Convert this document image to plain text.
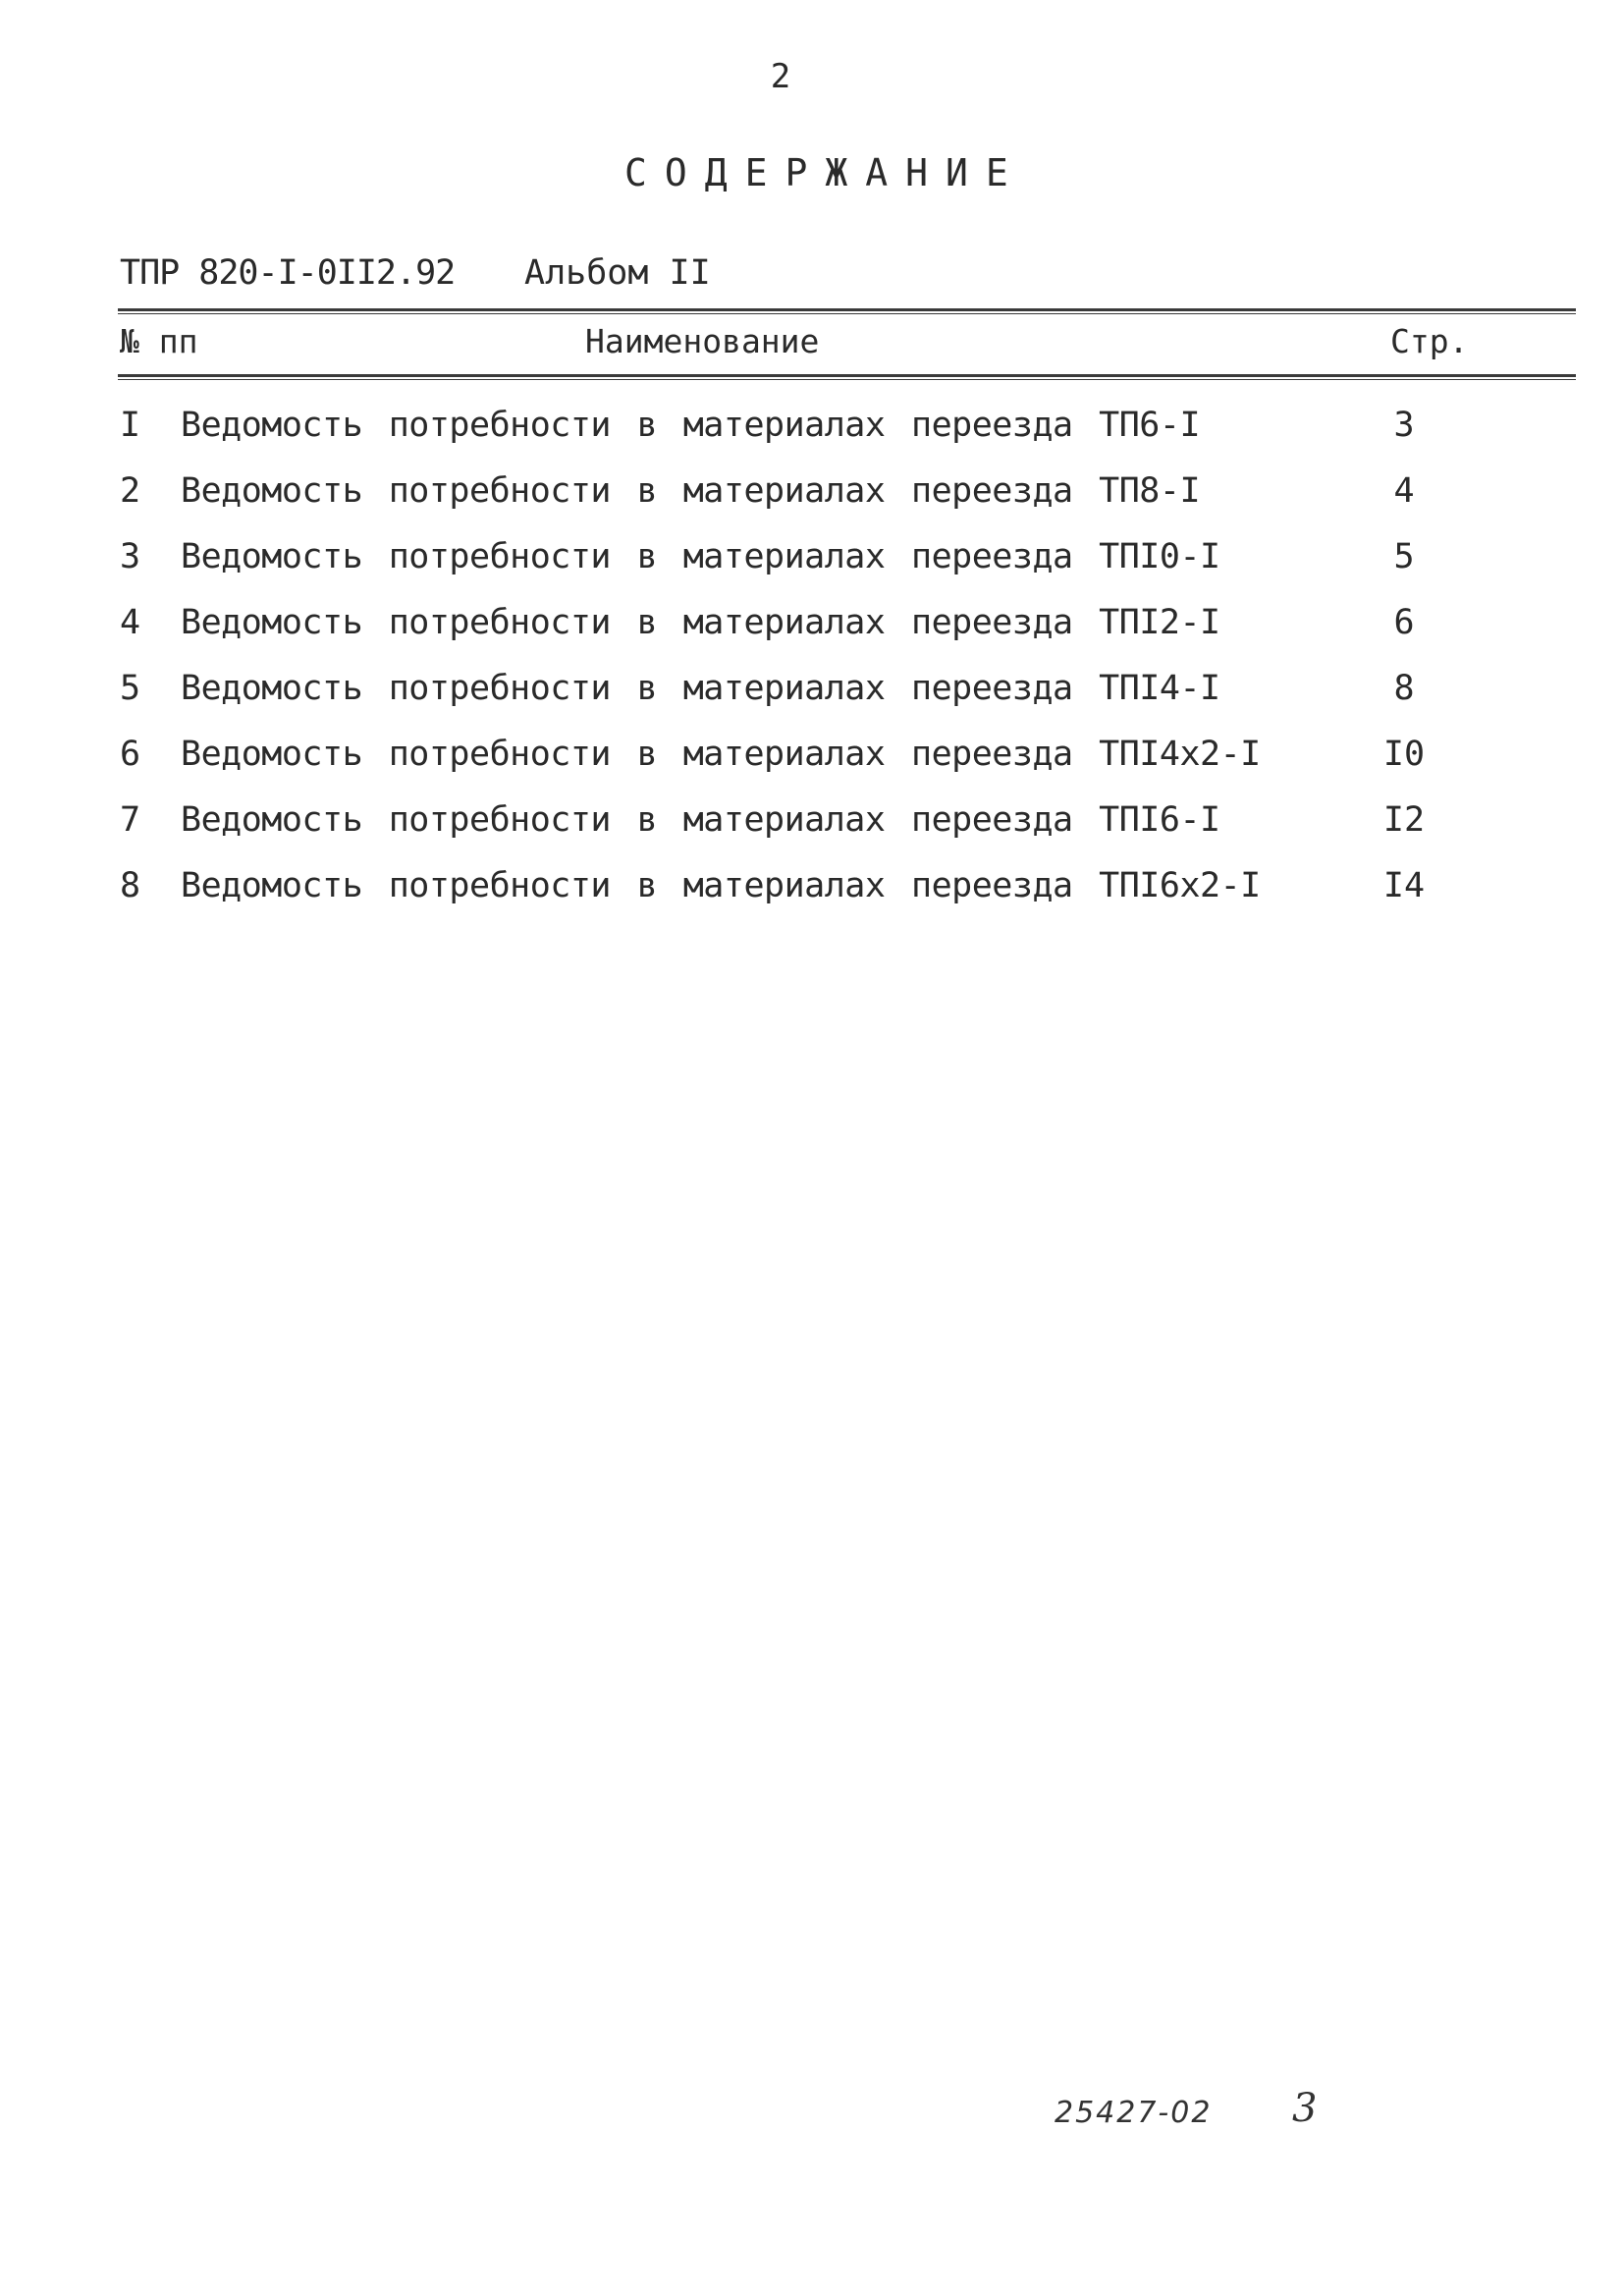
2
СОДЕРЖАНИЕ
ТПР 820-I-0II2.92 Альбом II
№ пп	Наименование	Стр.
I Ведомость потребности в материалах переезда ТП6-I	3
2 Ведомость потребности в материалах переезда ТП8-I	4
3 Ведомость потребности в материалах переезда ТПI0-I	5
4 Ведомость потребности в материалах переезда ТПI2-I	6
5 Ведомость потребности в материалах переезда ТПI4-I	8
6 Ведомость потребности в материалах переезда ТПI4х2-I	I0
7 Ведомость потребности в материалах переезда ТПI6-I	I2
8 Ведомость потребности в материалах переезда ТПI6х2-I	I4
25427-02 3
